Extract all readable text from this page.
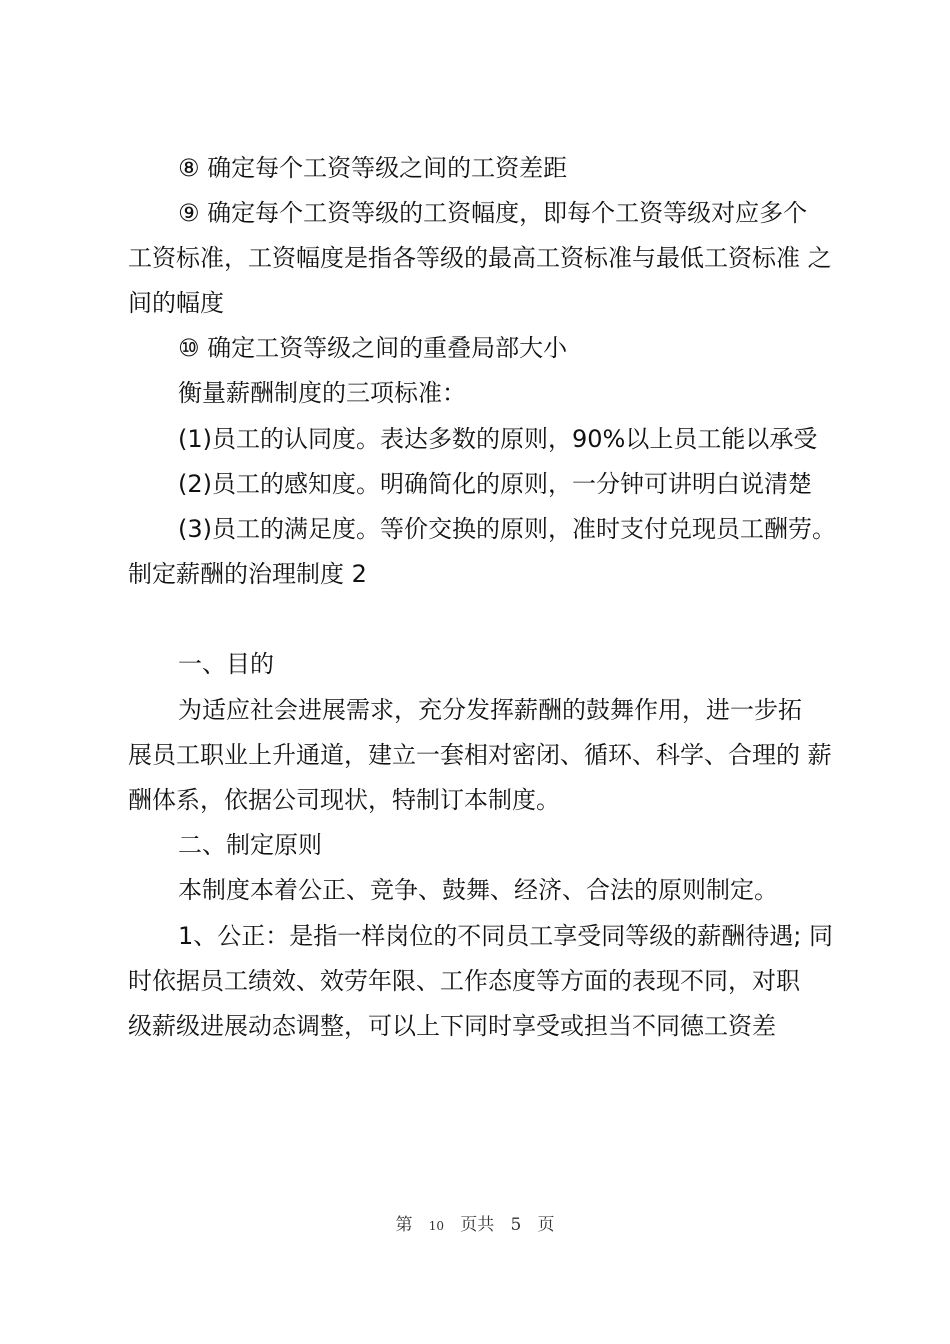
⑧ 确定每个工资等级之间的工资差距
⑨ 确定每个工资等级的工资幅度，即每个工资等级对应多个
工资标准，工资幅度是指各等级的最高工资标准与最低工资标准 之
间的幅度
⑩ 确定工资等级之间的重叠局部大小
衡量薪酬制度的三项标准：
(1)员工的认同度。表达多数的原则，90%以上员工能以承受
(2)员工的感知度。明确简化的原则，一分钟可讲明白说清楚
(3)员工的满足度。等价交换的原则，准时支付兑现员工酬劳。
制定薪酬的治理制度 2
一、目的
为适应社会进展需求，充分发挥薪酬的鼓舞作用，进一步拓
展员工职业上升通道，建立一套相对密闭、循环、科学、合理的 薪
酬体系，依据公司现状，特制订本制度。
二、制定原则
本制度本着公正、竞争、鼓舞、经济、合法的原则制定。
1、公正：是指一样岗位的不同员工享受同等级的薪酬待遇; 同
时依据员工绩效、效劳年限、工作态度等方面的表现不同，对职
级薪级进展动态调整，可以上下同时享受或担当不同德工资差
第 10 页共 5 页
